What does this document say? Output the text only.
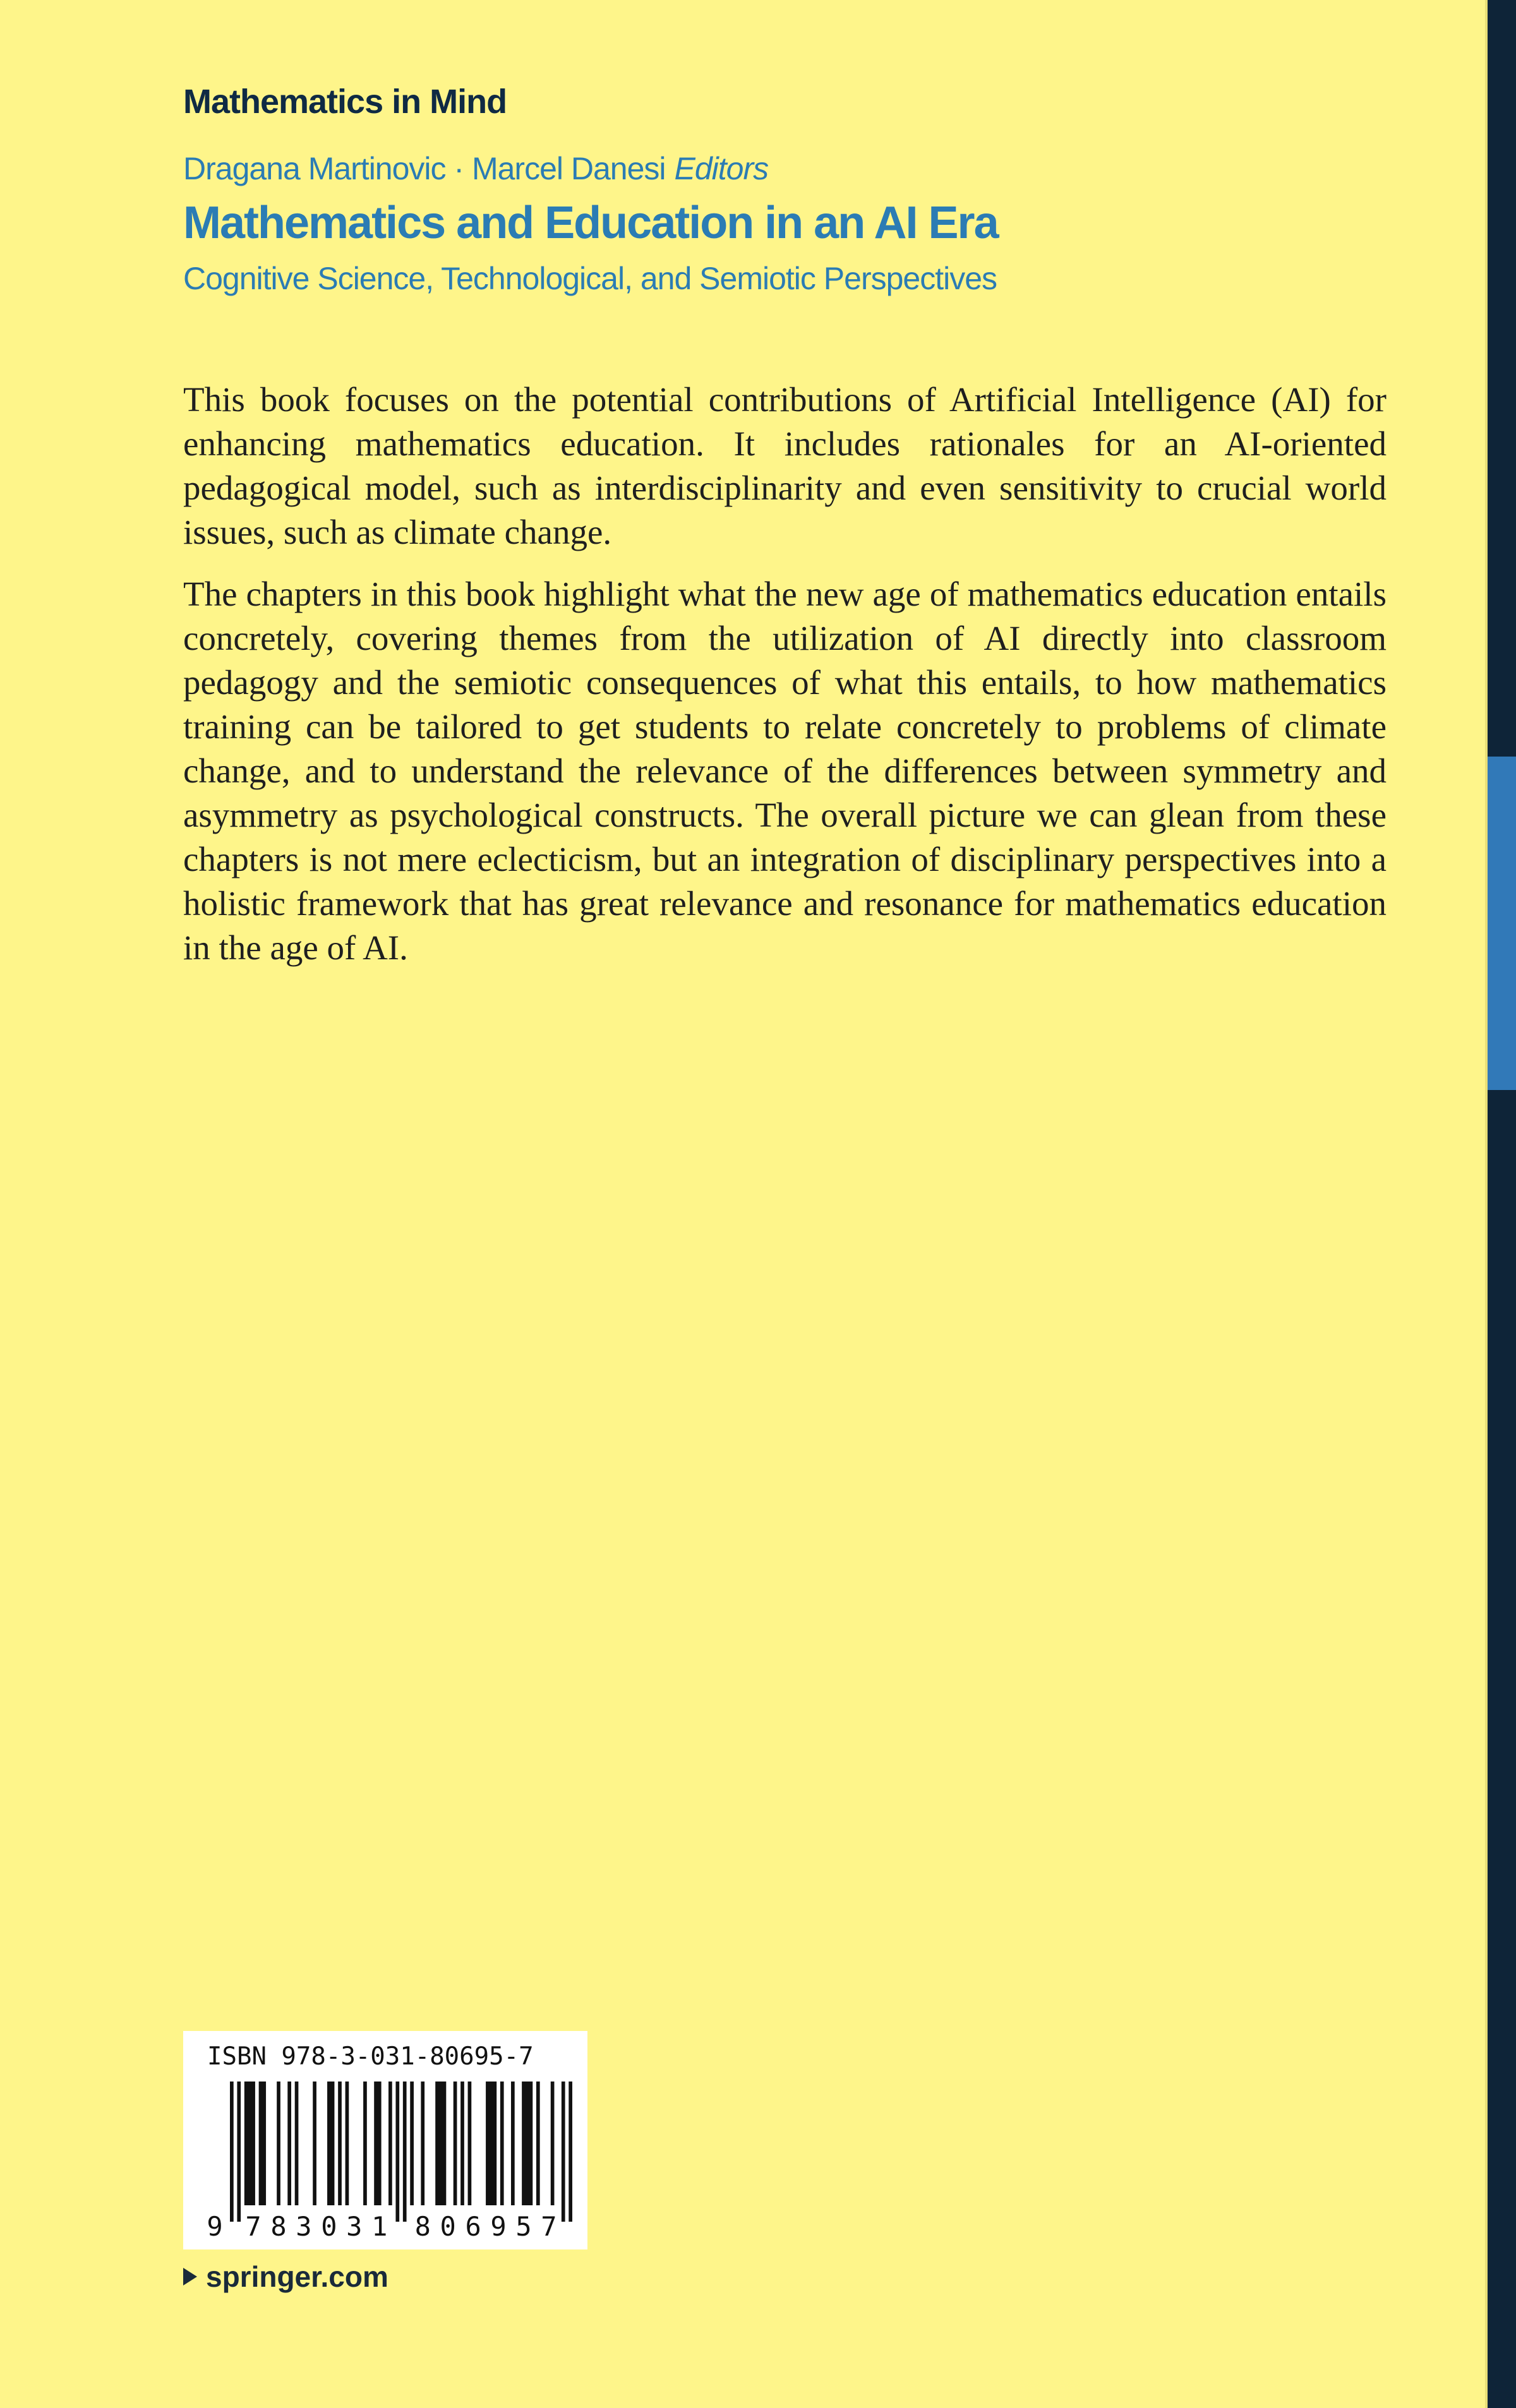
Mathematics in Mind
Dragana Martinovic · Marcel Danesi Editors
Mathematics and Education in an AI Era
Cognitive Science, Technological, and Semiotic Perspectives

This book focuses on the potential contributions of Artificial Intelligence (AI) for enhancing mathematics education. It includes rationales for an AI-oriented pedagogical model, such as interdisciplinarity and even sensitivity to crucial world issues, such as climate change.

The chapters in this book highlight what the new age of mathematics education entails concretely, covering themes from the utilization of AI directly into classroom pedagogy and the semiotic consequences of what this entails, to how mathematics training can be tailored to get students to relate concretely to problems of climate change, and to understand the relevance of the differences between symmetry and asymmetry as psychological constructs. The overall picture we can glean from these chapters is not mere eclecticism, but an integration of disciplinary perspectives into a holistic framework that has great relevance and resonance for mathematics education in the age of AI.

ISBN 978-3-031-80695-7
9 7 8 3 0 3 1 8 0 6 9 5 7
springer.com
